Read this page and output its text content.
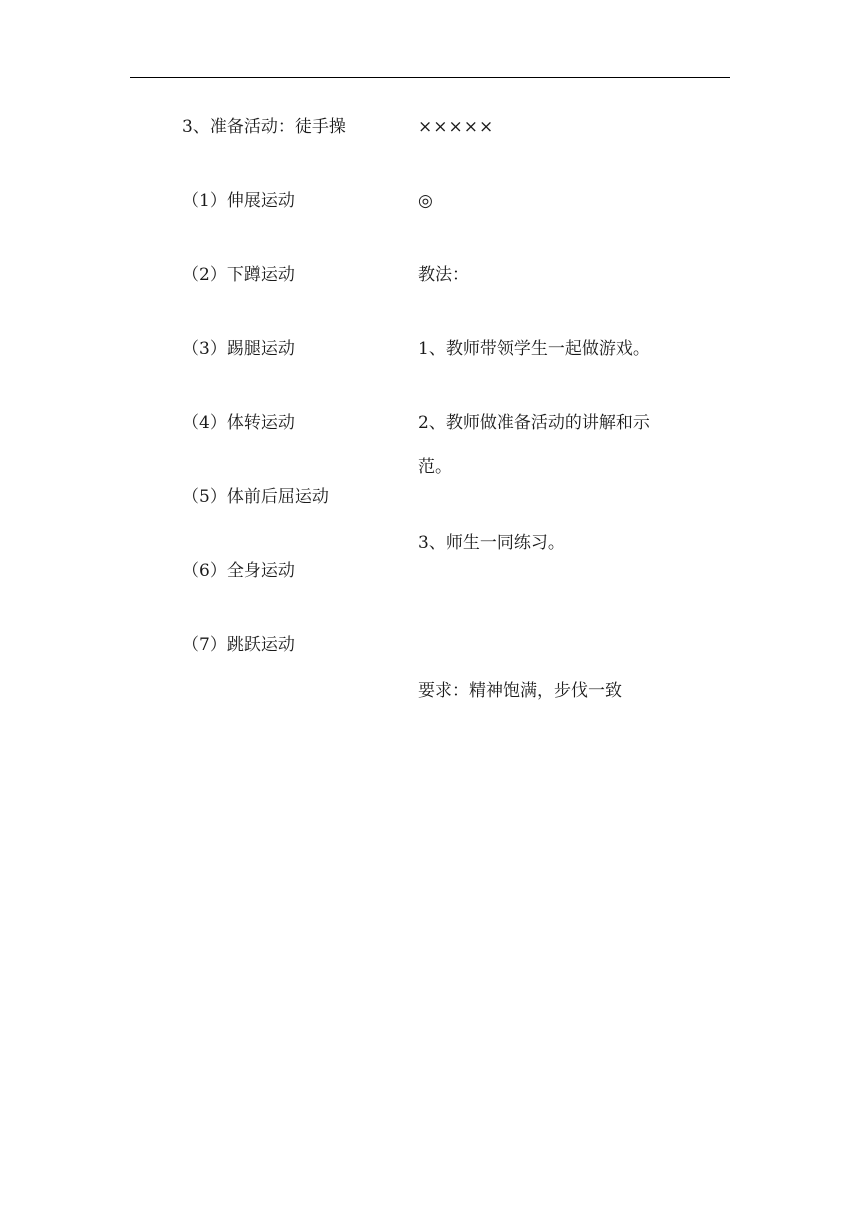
3、准备活动：徒手操
（1）伸展运动
（2）下蹲运动
（3）踢腿运动
（4）体转运动
（5）体前后屈运动
（6）全身运动
（7）跳跃运动
×××××
◎
教法：
1、教师带领学生一起做游戏。
2、教师做准备活动的讲解和示
范。
3、师生一同练习。
要求：精神饱满，步伐一致
